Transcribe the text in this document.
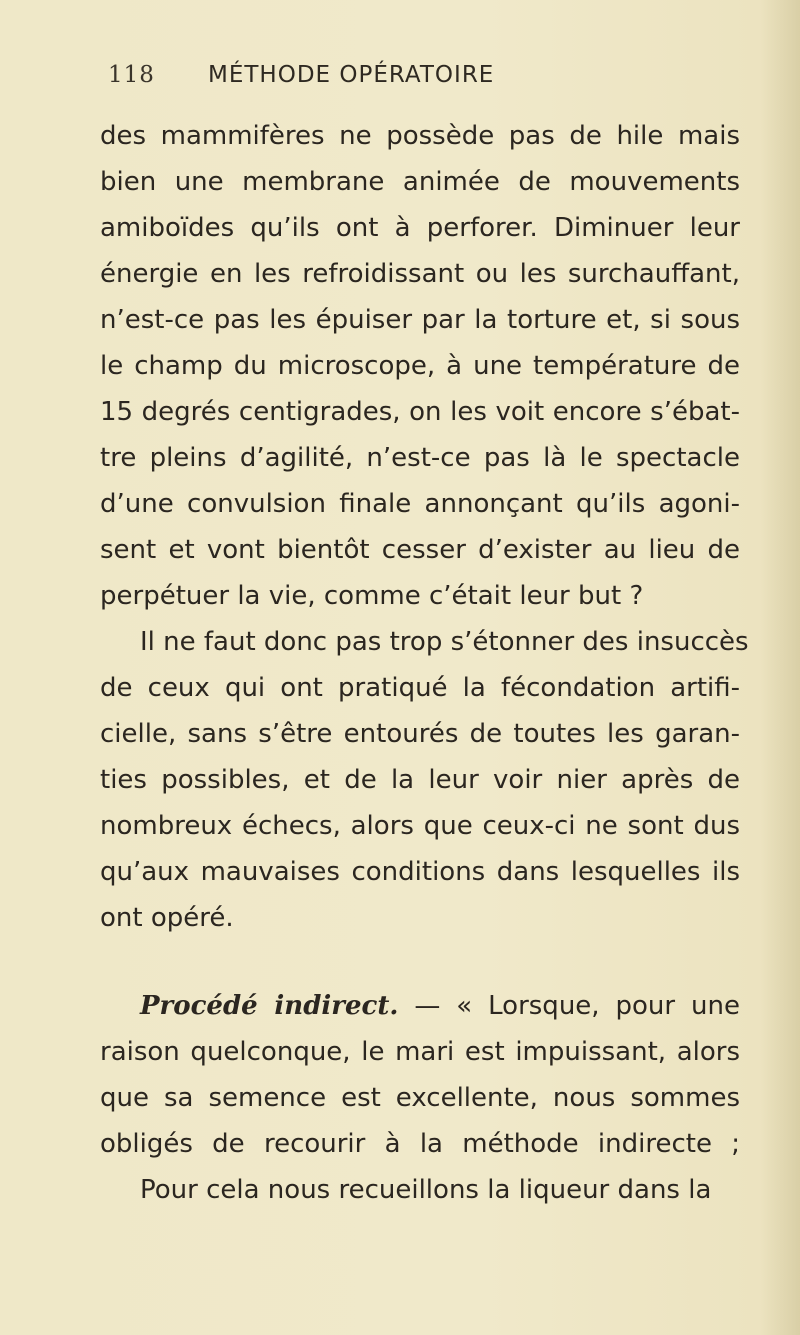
118 MÉTHODE OPÉRATOIRE
des mammifères ne possède pas de hile mais
bien une membrane animée de mouvements
amiboïdes qu’ils ont à perforer. Diminuer leur
énergie en les refroidissant ou les surchauffant,
n’est-ce pas les épuiser par la torture et, si sous
le champ du microscope, à une température de
15 degrés centigrades, on les voit encore s’ébat-
tre pleins d’agilité, n’est-ce pas là le spectacle
d’une convulsion finale annonçant qu’ils agoni-
sent et vont bientôt cesser d’exister au lieu de
perpétuer la vie, comme c’était leur but ?
Il ne faut donc pas trop s’étonner des insuccès
de ceux qui ont pratiqué la fécondation artifi-
cielle, sans s’être entourés de toutes les garan-
ties possibles, et de la leur voir nier après de
nombreux échecs, alors que ceux-ci ne sont dus
qu’aux mauvaises conditions dans lesquelles ils
ont opéré.
Procédé indirect. — « Lorsque, pour une
raison quelconque, le mari est impuissant, alors
que sa semence est excellente, nous sommes
obligés de recourir à la méthode indirecte ;
Pour cela nous recueillons la liqueur dans la
